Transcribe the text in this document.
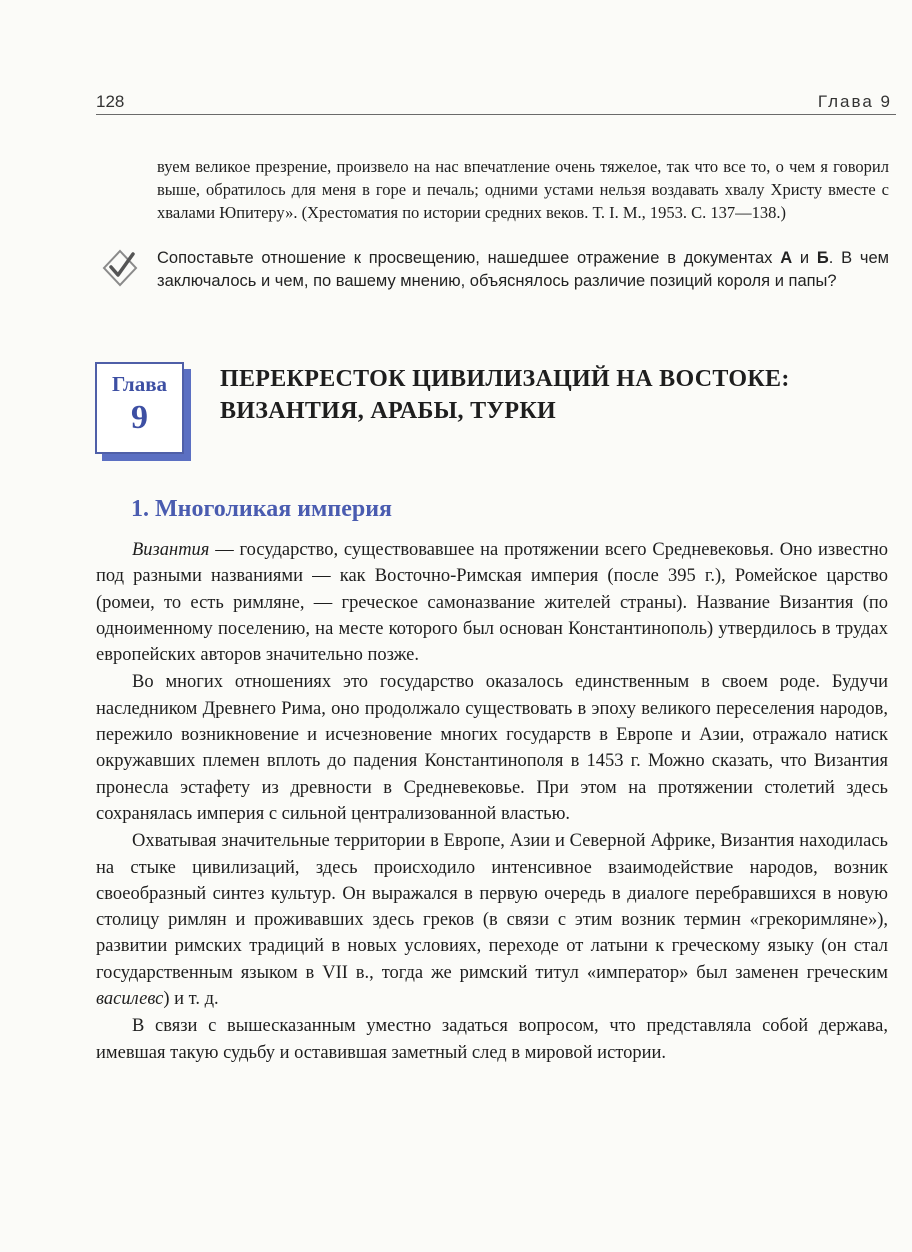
128	Глава 9

вуем великое презрение, произвело на нас впечатление очень тяжелое, так что все то, о чем я говорил выше, обратилось для меня в горе и печаль; одними устами нельзя воздавать хвалу Христу вместе с хвалами Юпитеру». (Хрестоматия по истории средних веков. Т. I. М., 1953. С. 137—138.)

Сопоставьте отношение к просвещению, нашедшее отражение в документах А и Б. В чем заключалось и чем, по вашему мнению, объяснялось различие позиций короля и папы?

Глава
9
ПЕРЕКРЕСТОК ЦИВИЛИЗАЦИЙ НА ВОСТОКЕ:
ВИЗАНТИЯ, АРАБЫ, ТУРКИ
1. Многоликая империя

Византия — государство, существовавшее на протяжении всего Средневековья. Оно известно под разными названиями — как Восточно-Римская империя (после 395 г.), Ромейское царство (ромеи, то есть римляне, — греческое самоназвание жителей страны). Название Византия (по одноименному поселению, на месте которого был основан Константинополь) утвердилось в трудах европейских авторов значительно позже.

Во многих отношениях это государство оказалось единственным в своем роде. Будучи наследником Древнего Рима, оно продолжало существовать в эпоху великого переселения народов, пережило возникновение и исчезновение многих государств в Европе и Азии, отражало натиск окружавших племен вплоть до падения Константинополя в 1453 г. Можно сказать, что Византия пронесла эстафету из древности в Средневековье. При этом на протяжении столетий здесь сохранялась империя с сильной централизованной властью.

Охватывая значительные территории в Европе, Азии и Северной Африке, Византия находилась на стыке цивилизаций, здесь происходило интенсивное взаимодействие народов, возник своеобразный синтез культур. Он выражался в первую очередь в диалоге перебравшихся в новую столицу римлян и проживавших здесь греков (в связи с этим возник термин «грекоримляне»), развитии римских традиций в новых условиях, переходе от латыни к греческому языку (он стал государственным языком в VII в., тогда же римский титул «император» был заменен греческим василевс) и т. д.

В связи с вышесказанным уместно задаться вопросом, что представляла собой держава, имевшая такую судьбу и оставившая заметный след в мировой истории.
